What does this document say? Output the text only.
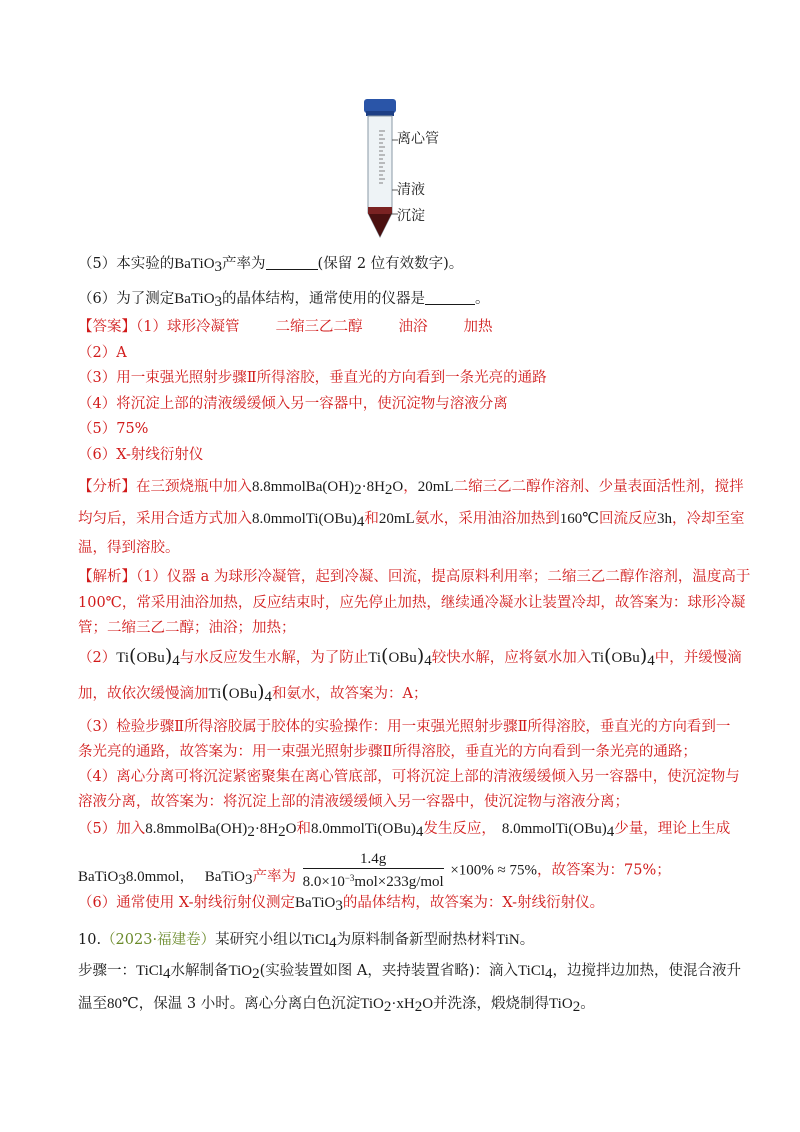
离心管
清液
沉淀
（5）本实验的BaTiO3产率为	(保留 2 位有效数字)。
（6）为了测定BaTiO3的晶体结构，通常使用的仪器是	。
【答案】（1）球形冷凝管 二缩三乙二醇 油浴 加热
（2）A
（3）用一束强光照射步骤Ⅱ所得溶胶，垂直光的方向看到一条光亮的通路
（4）将沉淀上部的清液缓缓倾入另一容器中，使沉淀物与溶液分离
（5）75%
（6）X-射线衍射仪
【分析】在三颈烧瓶中加入8.8mmolBa(OH)2·8H2O，20mL二缩三乙二醇作溶剂、少量表面活性剂，搅拌
均匀后，采用合适方式加入8.0mmolTi(OBu)4和20mL氨水，采用油浴加热到160℃回流反应3h，冷却至室
温，得到溶胶。
【解析】（1）仪器 a 为球形冷凝管，起到冷凝、回流，提高原料利用率；二缩三乙二醇作溶剂，温度高于
100℃，常采用油浴加热，反应结束时，应先停止加热，继续通冷凝水让装置冷却，故答案为：球形冷凝
管；二缩三乙二醇；油浴；加热；
（2）Ti(OBu)4与水反应发生水解，为了防止Ti(OBu)4较快水解，应将氨水加入Ti(OBu)4中，并缓慢滴
加，故依次缓慢滴加Ti(OBu)4和氨水，故答案为：A；
（3）检验步骤Ⅱ所得溶胶属于胶体的实验操作：用一束强光照射步骤Ⅱ所得溶胶，垂直光的方向看到一
条光亮的通路，故答案为：用一束强光照射步骤Ⅱ所得溶胶，垂直光的方向看到一条光亮的通路；
（4）离心分离可将沉淀紧密聚集在离心管底部，可将沉淀上部的清液缓缓倾入另一容器中，使沉淀物与
溶液分离，故答案为：将沉淀上部的清液缓缓倾入另一容器中，使沉淀物与溶液分离；
（5）加入8.8mmolBa(OH)2·8H2O和8.0mmolTi(OBu)4发生反应， 8.0mmolTi(OBu)4少量，理论上生成
BaTiO38.0mmol， BaTiO3产率为 $\frac{1.4g}{8.0\times 10^{-3}mol\times 233g/mol} \times 100\% \approx 75\%$，故答案为：75%；
（6）通常使用 X-射线衍射仪测定BaTiO3的晶体结构，故答案为：X-射线衍射仪。
10.（2023·福建卷）某研究小组以TiCl4为原料制备新型耐热材料TiN。
步骤一：TiCl4水解制备TiO2(实验装置如图 A，夹持装置省略)：滴入TiCl4，边搅拌边加热，使混合液升
温至80℃，保温 3 小时。离心分离白色沉淀TiO2·xH2O并洗涤，煅烧制得TiO2。
